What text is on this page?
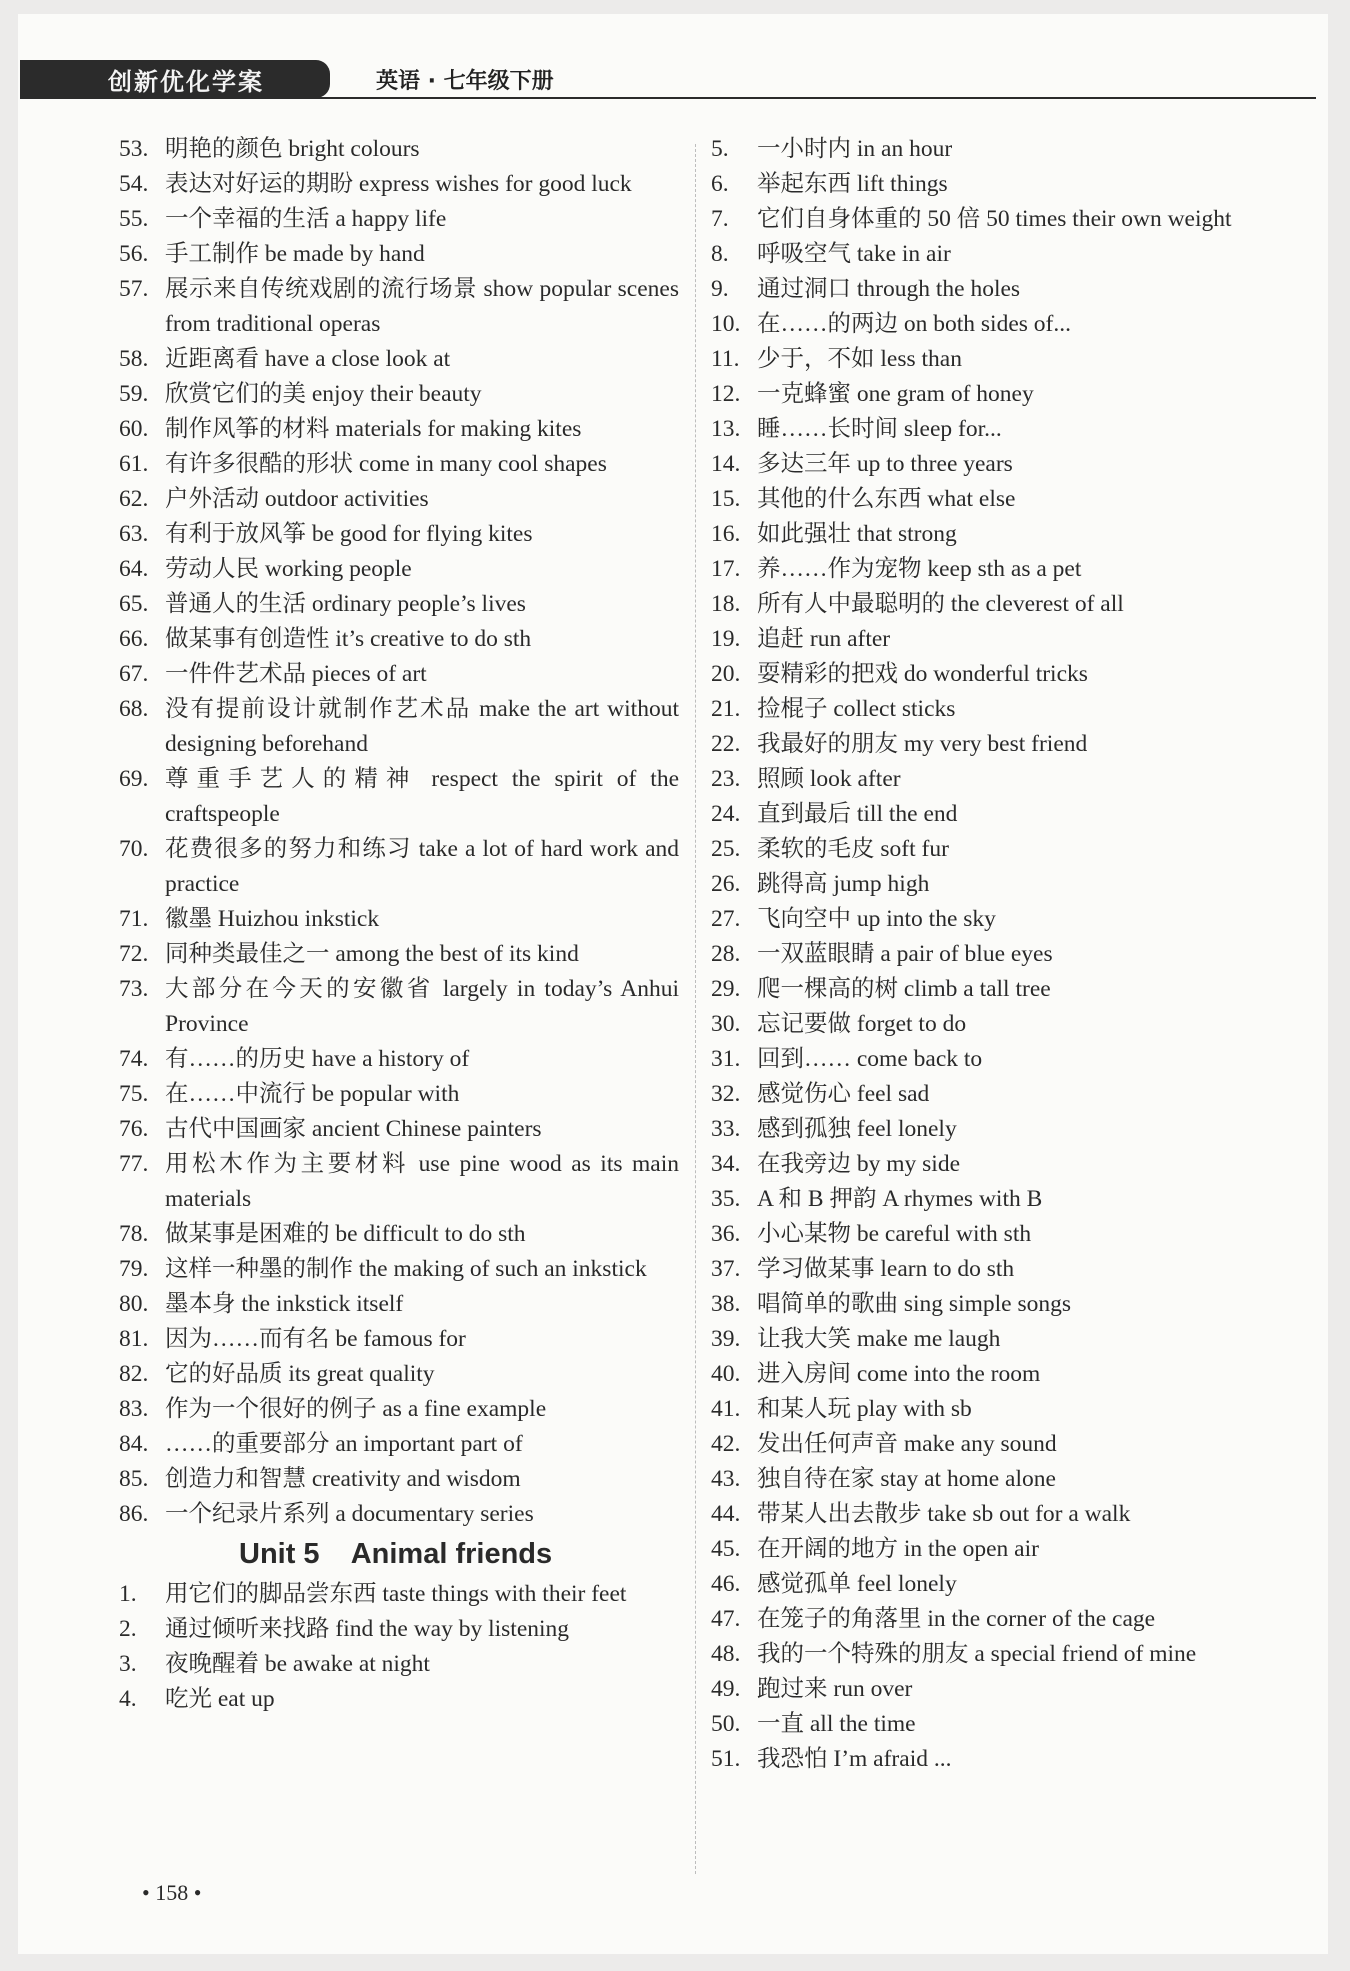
创新优化学案	英语 · 七年级下册
53. 明艳的颜色 bright colours
54. 表达对好运的期盼 express wishes for good luck
55. 一个幸福的生活 a happy life
56. 手工制作 be made by hand
57. 展示来自传统戏剧的流行场景 show popular scenes from traditional operas
58. 近距离看 have a close look at
59. 欣赏它们的美 enjoy their beauty
60. 制作风筝的材料 materials for making kites
61. 有许多很酷的形状 come in many cool shapes
62. 户外活动 outdoor activities
63. 有利于放风筝 be good for flying kites
64. 劳动人民 working people
65. 普通人的生活 ordinary people’s lives
66. 做某事有创造性 it’s creative to do sth
67. 一件件艺术品 pieces of art
68. 没有提前设计就制作艺术品 make the art without designing beforehand
69. 尊重手艺人的精神 respect the spirit of the craftspeople
70. 花费很多的努力和练习 take a lot of hard work and practice
71. 徽墨 Huizhou inkstick
72. 同种类最佳之一 among the best of its kind
73. 大部分在今天的安徽省 largely in today’s Anhui Province
74. 有……的历史 have a history of
75. 在……中流行 be popular with
76. 古代中国画家 ancient Chinese painters
77. 用松木作为主要材料 use pine wood as its main materials
78. 做某事是困难的 be difficult to do sth
79. 这样一种墨的制作 the making of such an inkstick
80. 墨本身 the inkstick itself
81. 因为……而有名 be famous for
82. 它的好品质 its great quality
83. 作为一个很好的例子 as a fine example
84. ……的重要部分 an important part of
85. 创造力和智慧 creativity and wisdom
86. 一个纪录片系列 a documentary series
Unit 5    Animal friends
1.	用它们的脚品尝东西 taste things with their feet
2.	通过倾听来找路 find the way by listening
3.	夜晚醒着 be awake at night
4.	吃光 eat up
5.	一小时内 in an hour
6.	举起东西 lift things
7.	它们自身体重的 50 倍 50 times their own weight
8.	呼吸空气 take in air
9.	通过洞口 through the holes
10. 在……的两边 on both sides of...
11. 少于，不如 less than
12. 一克蜂蜜 one gram of honey
13. 睡……长时间 sleep for...
14. 多达三年 up to three years
15. 其他的什么东西 what else
16. 如此强壮 that strong
17. 养……作为宠物 keep sth as a pet
18. 所有人中最聪明的 the cleverest of all
19. 追赶 run after
20. 耍精彩的把戏 do wonderful tricks
21. 捡棍子 collect sticks
22. 我最好的朋友 my very best friend
23. 照顾 look after
24. 直到最后 till the end
25. 柔软的毛皮 soft fur
26. 跳得高 jump high
27. 飞向空中 up into the sky
28. 一双蓝眼睛 a pair of blue eyes
29. 爬一棵高的树 climb a tall tree
30. 忘记要做 forget to do
31. 回到…… come back to
32. 感觉伤心 feel sad
33. 感到孤独 feel lonely
34. 在我旁边 by my side
35. A 和 B 押韵 A rhymes with B
36. 小心某物 be careful with sth
37. 学习做某事 learn to do sth
38. 唱简单的歌曲 sing simple songs
39. 让我大笑 make me laugh
40. 进入房间 come into the room
41. 和某人玩 play with sb
42. 发出任何声音 make any sound
43. 独自待在家 stay at home alone
44. 带某人出去散步 take sb out for a walk
45. 在开阔的地方 in the open air
46. 感觉孤单 feel lonely
47. 在笼子的角落里 in the corner of the cage
48. 我的一个特殊的朋友 a special friend of mine
49. 跑过来 run over
50. 一直 all the time
51. 我恐怕 I’m afraid ...
• 158 •
